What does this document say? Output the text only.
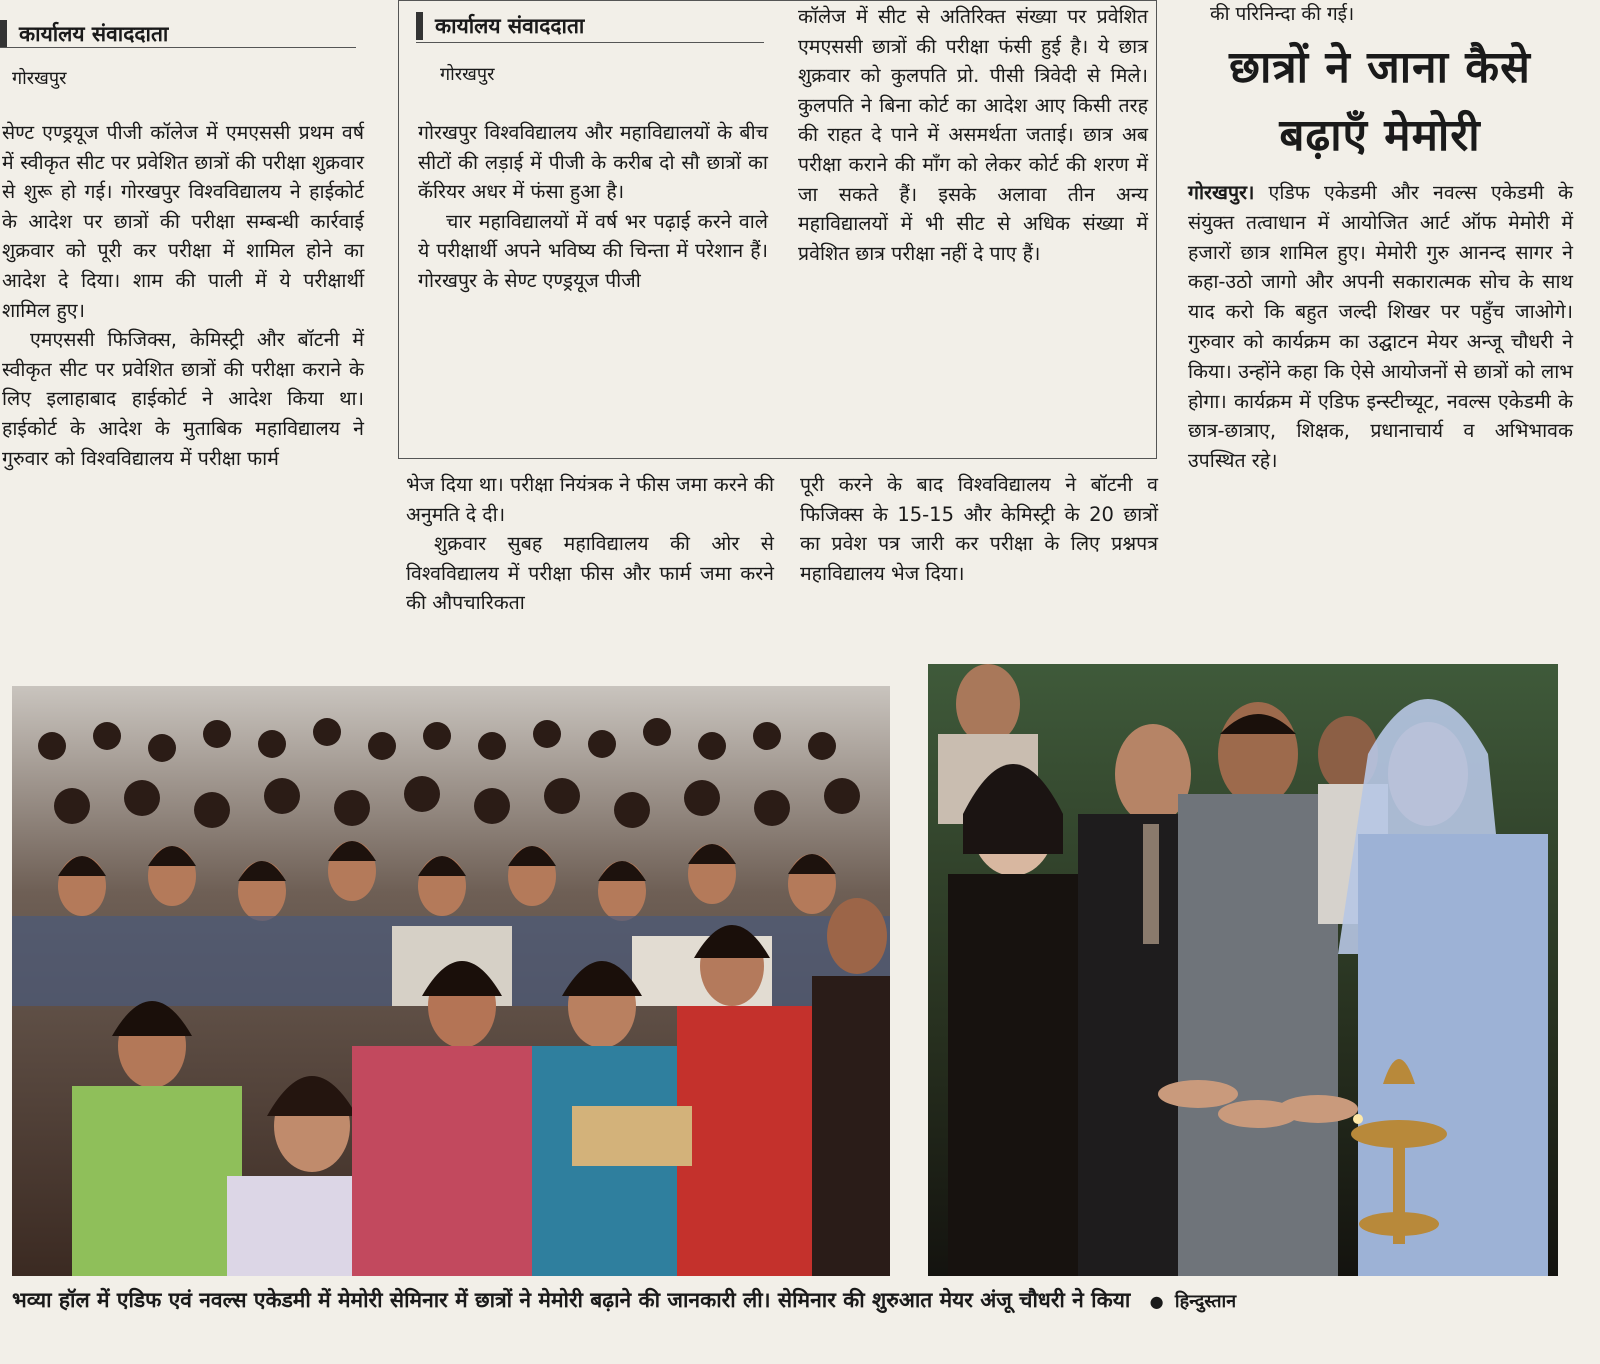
कार्यालय संवाददाता
गोरखपुर

सेण्ट एण्ड्रयूज पीजी कॉलेज में एमएससी प्रथम वर्ष में स्वीकृत सीट पर प्रवेशित छात्रों की परीक्षा शुक्रवार से शुरू हो गई। गोरखपुर विश्वविद्यालय ने हाईकोर्ट के आदेश पर छात्रों की परीक्षा सम्बन्धी कार्रवाई शुक्रवार को पूरी कर परीक्षा में शामिल होने का आदेश दे दिया। शाम की पाली में ये परीक्षार्थी शामिल हुए।

एमएससी फिजिक्स, केमिस्ट्री और बॉटनी में स्वीकृत सीट पर प्रवेशित छात्रों की परीक्षा कराने के लिए इलाहाबाद हाईकोर्ट ने आदेश किया था। हाईकोर्ट के आदेश के मुताबिक महाविद्यालय ने गुरुवार को विश्वविद्यालय में परीक्षा फार्म

कार्यालय संवाददाता
गोरखपुर

गोरखपुर विश्वविद्यालय और महाविद्यालयों के बीच सीटों की लड़ाई में पीजी के करीब दो सौ छात्रों का कॅरियर अधर में फंसा हुआ है।

चार महाविद्यालयों में वर्ष भर पढ़ाई करने वाले ये परीक्षार्थी अपने भविष्य की चिन्ता में परेशान हैं। गोरखपुर के सेण्ट एण्ड्रयूज पीजी

कॉलेज में सीट से अतिरिक्त संख्या पर प्रवेशित एमएससी छात्रों की परीक्षा फंसी हुई है। ये छात्र शुक्रवार को कुलपति प्रो. पीसी त्रिवेदी से मिले। कुलपति ने बिना कोर्ट का आदेश आए किसी तरह की राहत दे पाने में असमर्थता जताई। छात्र अब परीक्षा कराने की माँग को लेकर कोर्ट की शरण में जा सकते हैं। इसके अलावा तीन अन्य महाविद्यालयों में भी सीट से अधिक संख्या में प्रवेशित छात्र परीक्षा नहीं दे पाए हैं।

भेज दिया था। परीक्षा नियंत्रक ने फीस जमा करने की अनुमति दे दी।

शुक्रवार सुबह महाविद्यालय की ओर से विश्वविद्यालय में परीक्षा फीस और फार्म जमा करने की औपचारिकता

पूरी करने के बाद विश्वविद्यालय ने बॉटनी व फिजिक्स के 15-15 और केमिस्ट्री के 20 छात्रों का प्रवेश पत्र जारी कर परीक्षा के लिए प्रश्नपत्र महाविद्यालय भेज दिया।

की परिनिन्दा की गई।
छात्रों ने जाना कैसे
बढ़ाएँ मेमोरी

गोरखपुर। एडिफ एकेडमी और नवल्स एकेडमी के संयुक्त तत्वाधान में आयोजित आर्ट ऑफ मेमोरी में हजारों छात्र शामिल हुए। मेमोरी गुरु आनन्द सागर ने कहा-उठो जागो और अपनी सकारात्मक सोच के साथ याद करो कि बहुत जल्दी शिखर पर पहुँच जाओगे। गुरुवार को कार्यक्रम का उद्घाटन मेयर अन्जू चौधरी ने किया। उन्होंने कहा कि ऐसे आयोजनों से छात्रों को लाभ होगा। कार्यक्रम में एडिफ इन्स्टीच्यूट, नवल्स एकेडमी के छात्र-छात्राए, शिक्षक, प्रधानाचार्य व अभिभावक उपस्थित रहे।

भव्या हॉल में एडिफ एवं नवल्स एकेडमी में मेमोरी सेमिनार में छात्रों ने मेमोरी बढ़ाने की जानकारी ली। सेमिनार की शुरुआत मेयर अंजू चौधरी ने किया ● हिन्दुस्तान
